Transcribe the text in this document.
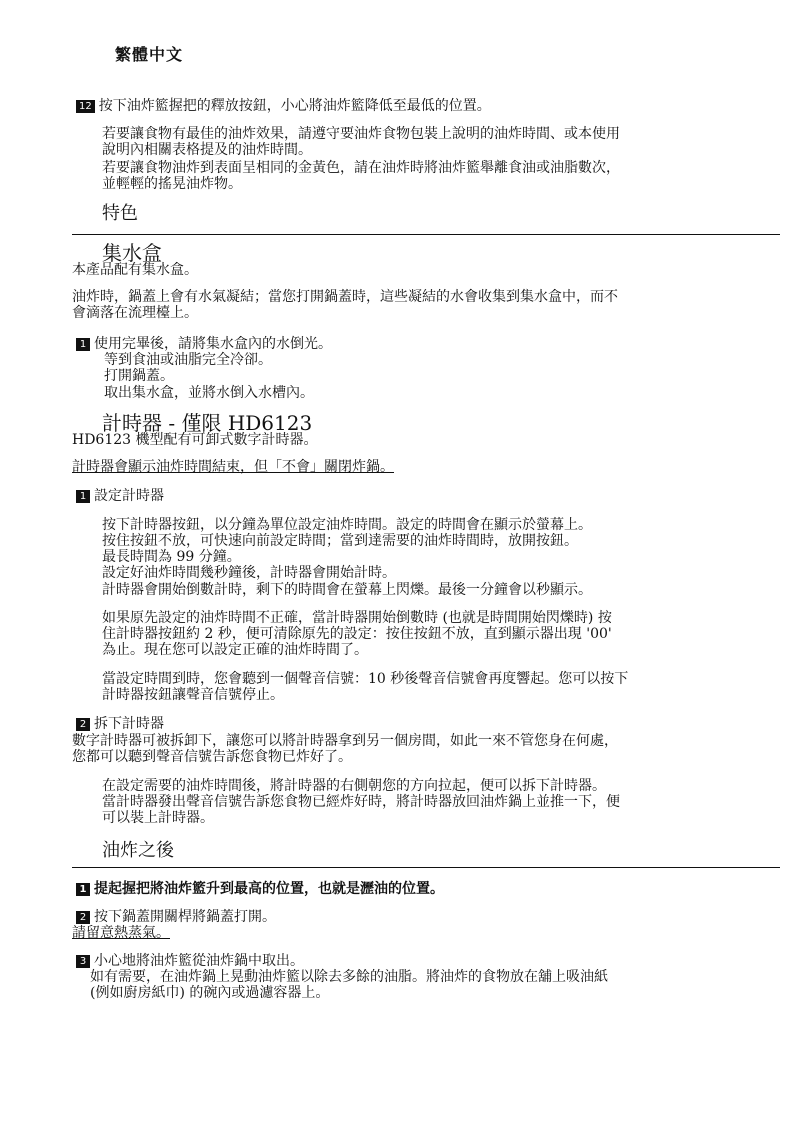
繁體中文
12 按下油炸籃握把的釋放按鈕，小心將油炸籃降低至最低的位置。
若要讓食物有最佳的油炸效果，請遵守要油炸食物包裝上說明的油炸時間、或本使用
說明內相關表格提及的油炸時間。
若要讓食物油炸到表面呈相同的金黃色，請在油炸時將油炸籃舉離食油或油脂數次，
並輕輕的搖晃油炸物。
特色
集水盒
本產品配有集水盒。
油炸時，鍋蓋上會有水氣凝結；當您打開鍋蓋時，這些凝結的水會收集到集水盒中，而不
會滴落在流理檯上。
1 使用完畢後，請將集水盒內的水倒光。
等到食油或油脂完全冷卻。
打開鍋蓋。
取出集水盒，並將水倒入水槽內。
計時器 - 僅限 HD6123
HD6123 機型配有可卸式數字計時器。
計時器會顯示油炸時間結束，但「不會」關閉炸鍋。
1 設定計時器
按下計時器按鈕，以分鐘為單位設定油炸時間。設定的時間會在顯示於螢幕上。
按住按鈕不放，可快速向前設定時間；當到達需要的油炸時間時，放開按鈕。
最長時間為 99 分鐘。
設定好油炸時間幾秒鐘後，計時器會開始計時。
計時器會開始倒數計時，剩下的時間會在螢幕上閃爍。最後一分鐘會以秒顯示。
如果原先設定的油炸時間不正確，當計時器開始倒數時 (也就是時間開始閃爍時) 按
住計時器按鈕約 2 秒，便可清除原先的設定：按住按鈕不放，直到顯示器出現 '00'
為止。現在您可以設定正確的油炸時間了。
當設定時間到時，您會聽到一個聲音信號：10 秒後聲音信號會再度響起。您可以按下
計時器按鈕讓聲音信號停止。
2 拆下計時器
數字計時器可被拆卸下，讓您可以將計時器拿到另一個房間，如此一來不管您身在何處，
您都可以聽到聲音信號告訴您食物已炸好了。
在設定需要的油炸時間後，將計時器的右側朝您的方向拉起，便可以拆下計時器。
當計時器發出聲音信號告訴您食物已經炸好時，將計時器放回油炸鍋上並推一下，便
可以裝上計時器。
油炸之後
1 提起握把將油炸籃升到最高的位置，也就是瀝油的位置。
2 按下鍋蓋開關桿將鍋蓋打開。
請留意熱蒸氣。
3 小心地將油炸籃從油炸鍋中取出。
如有需要，在油炸鍋上晃動油炸籃以除去多餘的油脂。將油炸的食物放在舖上吸油紙
(例如廚房紙巾) 的碗內或過濾容器上。
